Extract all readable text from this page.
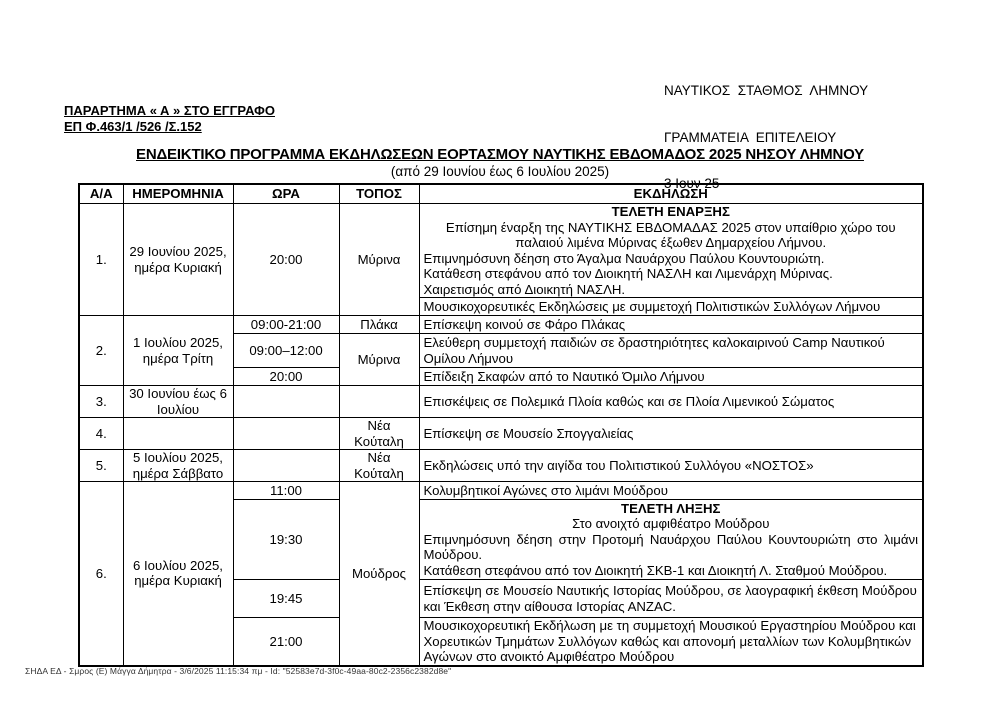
ΝΑΥΤΙΚΟΣ  ΣΤΑΘΜΟΣ  ΛΗΜΝΟΥ

ΓΡΑΜΜΑΤΕΙΑ  ΕΠΙΤΕΛΕΙΟΥ

3 Ιουν 25

ΠΑΡΑΡΤΗΜΑ « Α » ΣΤΟ ΕΓΓΡΑΦΟ
ΕΠ Φ.463/1 /526 /Σ.152
ΕΝΔΕΙΚΤΙΚΟ ΠΡΟΓΡΑΜΜΑ ΕΚΔΗΛΩΣΕΩΝ ΕΟΡΤΑΣΜΟΥ ΝΑΥΤΙΚΗΣ ΕΒΔΟΜΑΔΟΣ 2025 ΝΗΣΟΥ ΛΗΜΝΟΥ
(από 29 Ιουνίου έως 6 Ιουλίου 2025)
Α/Α	ΗΜΕΡΟΜΗΝΙΑ	ΩΡΑ	ΤΟΠΟΣ	ΕΚΔΗΛΩΣΗ
1.	29 Ιουνίου 2025, ημέρα Κυριακή	20:00	Μύρινα	ΤΕΛΕΤΗ ΕΝΑΡΞΗΣ
Επίσημη έναρξη της ΝΑΥΤΙΚΗΣ ΕΒΔΟΜΑΔΑΣ 2025 στον υπαίθριο χώρο του παλαιού λιμένα Μύρινας έξωθεν Δημαρχείου Λήμνου.
Επιμνημόσυνη δέηση στο Άγαλμα Ναυάρχου Παύλου Κουντουριώτη.
Κατάθεση στεφάνου από τον Διοικητή ΝΑΣΛΗ και Λιμενάρχη Μύρινας.
Χαιρετισμός από Διοικητή ΝΑΣΛΗ.

				Μουσικοχορευτικές Εκδηλώσεις με συμμετοχή Πολιτιστικών Συλλόγων Λήμνου
2.	1 Ιουλίου 2025, ημέρα Τρίτη	09:00-21:00	Πλάκα	Επίσκεψη κοινού σε Φάρο Πλάκας
		09:00–12:00	Μύρινα	Ελεύθερη συμμετοχή παιδιών σε δραστηριότητες καλοκαιρινού Camp Ναυτικού Ομίλου Λήμνου
		20:00		Επίδειξη Σκαφών από το Ναυτικό Όμιλο Λήμνου
3.	30 Ιουνίου έως 6 Ιουλίου			Επισκέψεις σε Πολεμικά Πλοία καθώς και σε Πλοία Λιμενικού Σώματος
4.			Νέα Κούταλη	Επίσκεψη σε Μουσείο Σπογγαλιείας
5.	5 Ιουλίου 2025, ημέρα Σάββατο		Νέα Κούταλη	Εκδηλώσεις υπό την αιγίδα του Πολιτιστικού Συλλόγου «ΝΟΣΤΟΣ»
6.	6 Ιουλίου 2025, ημέρα Κυριακή	11:00	Μούδρος	Κολυμβητικοί Αγώνες στο λιμάνι Μούδρου
		19:30		ΤΕΛΕΤΗ ΛΗΞΗΣ
Στο ανοιχτό αμφιθέατρο Μούδρου
Επιμνημόσυνη δέηση στην Προτομή Ναυάρχου Παύλου Κουντουριώτη στο λιμάνι Μούδρου.
Κατάθεση στεφάνου από τον Διοικητή ΣΚΒ-1 και Διοικητή Λ. Σταθμού Μούδρου.

		19:45		Επίσκεψη σε Μουσείο Ναυτικής Ιστορίας Μούδρου, σε λαογραφική έκθεση Μούδρου και Έκθεση στην αίθουσα Ιστορίας ΑΝΖΑC.
		21:00		Μουσικοχορευτική Εκδήλωση με τη συμμετοχή Μουσικού Εργαστηρίου Μούδρου και Χορευτικών Τμημάτων Συλλόγων καθώς και απονομή μεταλλίων των Κολυμβητικών Αγώνων στο ανοικτό Αμφιθέατρο Μούδρου
ΣΗΔΑ ΕΔ - Σμρος (Ε) Μάγγα Δήμητρα - 3/6/2025 11:15:34 πμ - Id: "52583e7d-3f0c-49aa-80c2-2356c2382d8e"
